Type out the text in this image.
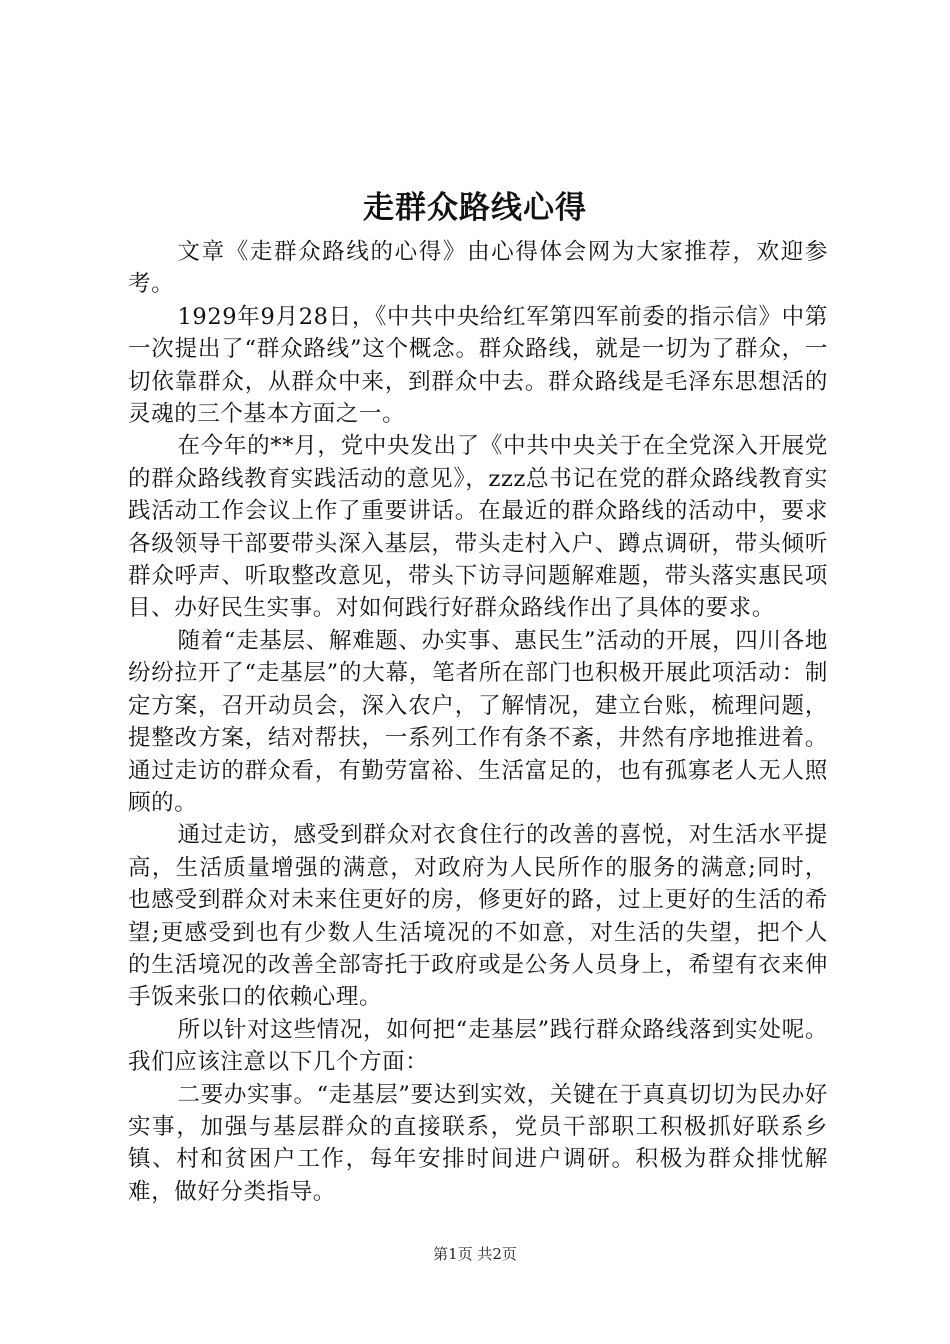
走群众路线心得

文章《走群众路线的心得》由心得体会网为大家推荐，欢迎参考。

1929年9月28日，《中共中央给红军第四军前委的指示信》中第一次提出了“群众路线”这个概念。群众路线，就是一切为了群众，一切依靠群众，从群众中来，到群众中去。群众路线是毛泽东思想活的灵魂的三个基本方面之一。

在今年的**月，党中央发出了《中共中央关于在全党深入开展党的群众路线教育实践活动的意见》，zzz总书记在党的群众路线教育实践活动工作会议上作了重要讲话。在最近的群众路线的活动中，要求各级领导干部要带头深入基层，带头走村入户、蹲点调研，带头倾听群众呼声、听取整改意见，带头下访寻问题解难题，带头落实惠民项目、办好民生实事。对如何践行好群众路线作出了具体的要求。

随着“走基层、解难题、办实事、惠民生”活动的开展，四川各地纷纷拉开了“走基层”的大幕，笔者所在部门也积极开展此项活动：制定方案，召开动员会，深入农户，了解情况，建立台账，梳理问题，提整改方案，结对帮扶，一系列工作有条不紊，井然有序地推进着。通过走访的群众看，有勤劳富裕、生活富足的，也有孤寡老人无人照顾的。

通过走访，感受到群众对衣食住行的改善的喜悦，对生活水平提高，生活质量增强的满意，对政府为人民所作的服务的满意;同时，也感受到群众对未来住更好的房，修更好的路，过上更好的生活的希望;更感受到也有少数人生活境况的不如意，对生活的失望，把个人的生活境况的改善全部寄托于政府或是公务人员身上，希望有衣来伸手饭来张口的依赖心理。

所以针对这些情况，如何把“走基层”践行群众路线落到实处呢。我们应该注意以下几个方面：

二要办实事。“走基层”要达到实效，关键在于真真切切为民办好实事，加强与基层群众的直接联系，党员干部职工积极抓好联系乡镇、村和贫困户工作，每年安排时间进户调研。积极为群众排忧解难，做好分类指导。

第1页 共2页
